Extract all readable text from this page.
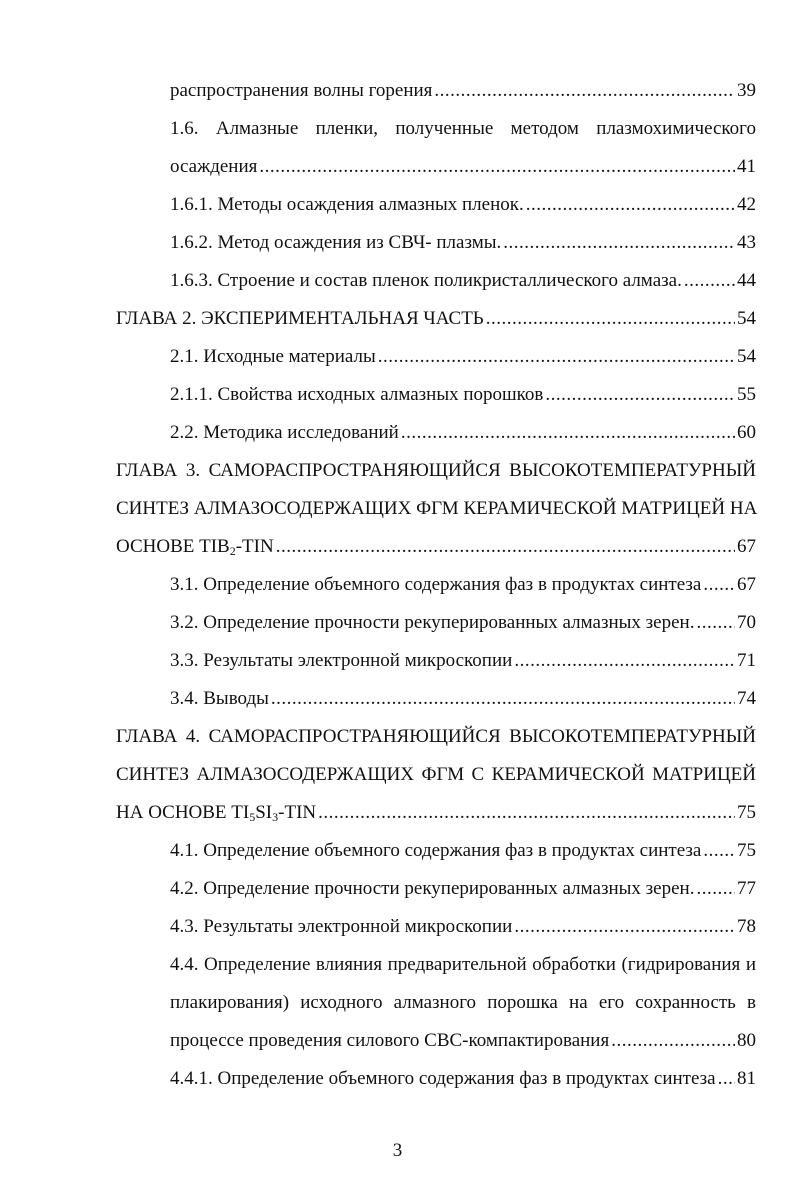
распространения волны горения .....	39
1.6. Алмазные пленки, полученные методом плазмохимического
осаждения .....	41
1.6.1. Методы осаждения алмазных пленок. .....	42
1.6.2. Метод осаждения из СВЧ- плазмы. .....	43
1.6.3. Строение и состав пленок поликристаллического алмаза. .....	44
ГЛАВА 2. ЭКСПЕРИМЕНТАЛЬНАЯ ЧАСТЬ .....	54
2.1. Исходные материалы .....	54
2.1.1. Свойства исходных алмазных порошков .....	55
2.2. Методика исследований .....	60
ГЛАВА 3. САМОРАСПРОСТРАНЯЮЩИЙСЯ ВЫСОКОТЕМПЕРАТУРНЫЙ
СИНТЕЗ АЛМАЗОСОДЕРЖАЩИХ ФГМ КЕРАМИЧЕСКОЙ МАТРИЦЕЙ НА
ОСНОВЕ $TIB_2$-TIN .....	67
3.1. Определение объемного содержания фаз в продуктах синтеза ..... 67
3.2. Определение прочности рекуперированных алмазных зерен. ..... 70
3.3. Результаты электронной микроскопии .....	71
3.4. Выводы .....	74
ГЛАВА 4. САМОРАСПРОСТРАНЯЮЩИЙСЯ ВЫСОКОТЕМПЕРАТУРНЫЙ
СИНТЕЗ АЛМАЗОСОДЕРЖАЩИХ ФГМ С КЕРАМИЧЕСКОЙ МАТРИЦЕЙ
НА ОСНОВЕ $TI_5SI_3$-TIN .....	75
4.1. Определение объемного содержания фаз в продуктах синтеза ..... 75
4.2. Определение прочности рекуперированных алмазных зерен. ..... 77
4.3. Результаты электронной микроскопии .....	78
4.4. Определение влияния предварительной обработки (гидрирования и
плакирования) исходного алмазного порошка на его сохранность в
процессе проведения силового СВС-компактирования .....	80
4.4.1. Определение объемного содержания фаз в продуктах синтеза ..... 81
3
